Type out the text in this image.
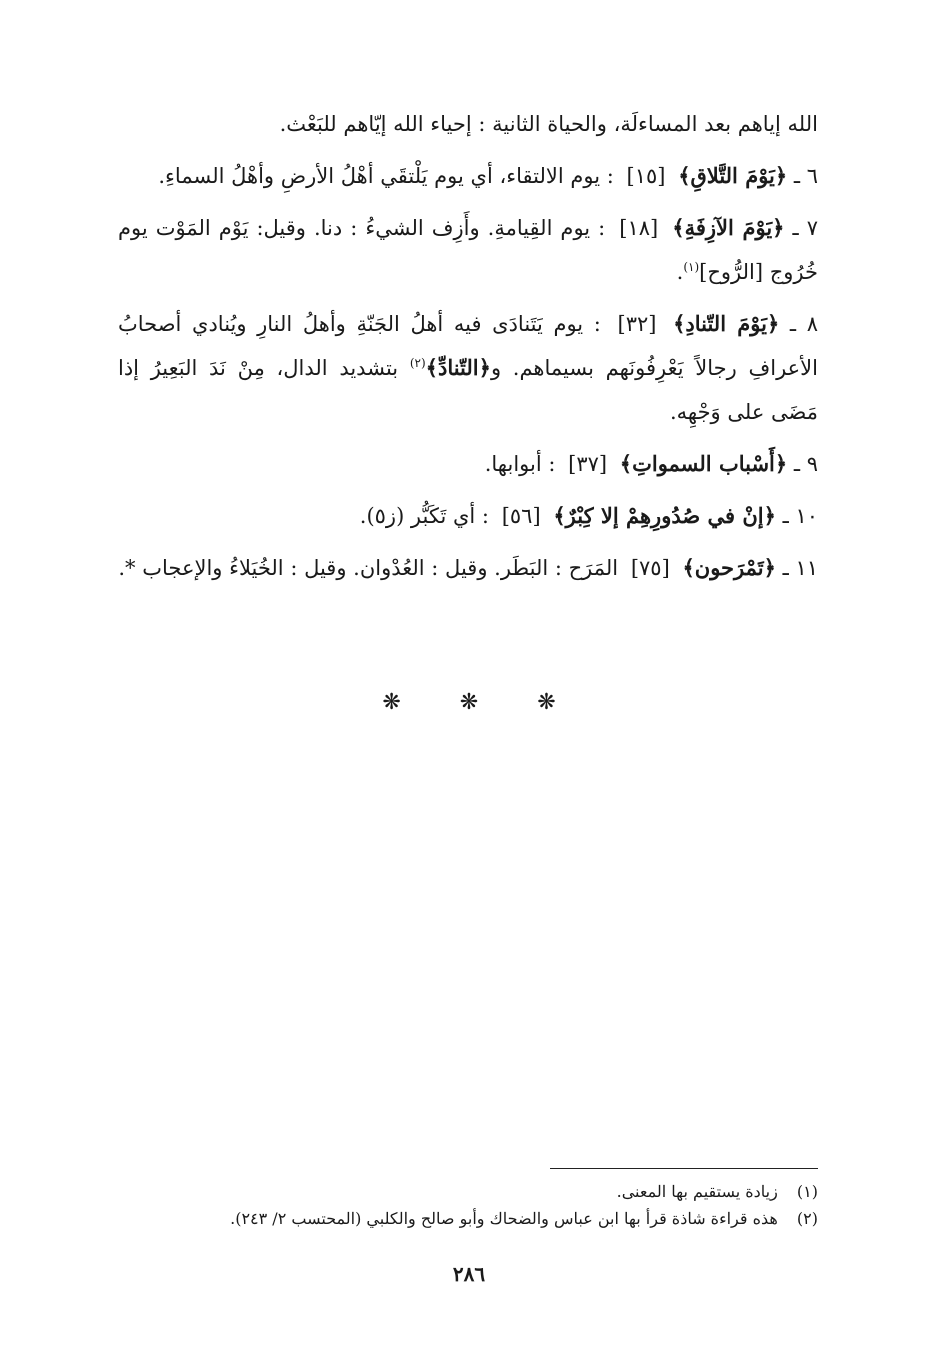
الله إياهم بعد المساءلَة، والحياة الثانية : إحياء الله إيّاهم للبَعْث.

٦ ـ ﴿يَوْمَ التَّلاقِ﴾ [١٥] : يوم الالتقاء، أي يوم يَلْتقَي أهْلُ الأرضِ وأهْلُ السماءِ.

٧ ـ ﴿يَوْمَ الآزِفَةِ﴾ [١٨] : يوم القِيامةِ. وأَزِف الشيءُ : دنا. وقيل: يَوْم المَوْت يوم خُرُوج [الرُّوح]$^{(١)}$.

٨ ـ ﴿يَوْمَ التّنادِ﴾ [٣٢] : يوم يَتَنادَى فيه أهلُ الجَنّةِ وأهلُ النارِ ويُنادي أصحابُ الأعرافِ رجالاً يَعْرِفُونَهم بسيماهم. و﴿التّنادِّ﴾$^{(٢)}$ بتشديد الدال، مِنْ نَدَ البَعِيرُ إذا مَضَى على وَجْهِه.

٩ ـ ﴿أَسْباب السمواتِ﴾ [٣٧] : أبوابها.

١٠ ـ ﴿إنْ في صُدُورِهِمْ إلا كِبْرٌ﴾ [٥٦] : أي تَكَبُّر (ز٥).

١١ ـ ﴿تَمْرَحون﴾ [٧٥] المَرَح : البَطَر. وقيل : العُدْوان. وقيل : الخُيَلاءُ والإعجاب *.

❋	❋	❋

(١) زيادة يستقيم بها المعنى.

(٢) هذه قراءة شاذة قرأ بها ابن عباس والضحاك وأبو صالح والكلبي (المحتسب ٢/ ٢٤٣).

٢٨٦
